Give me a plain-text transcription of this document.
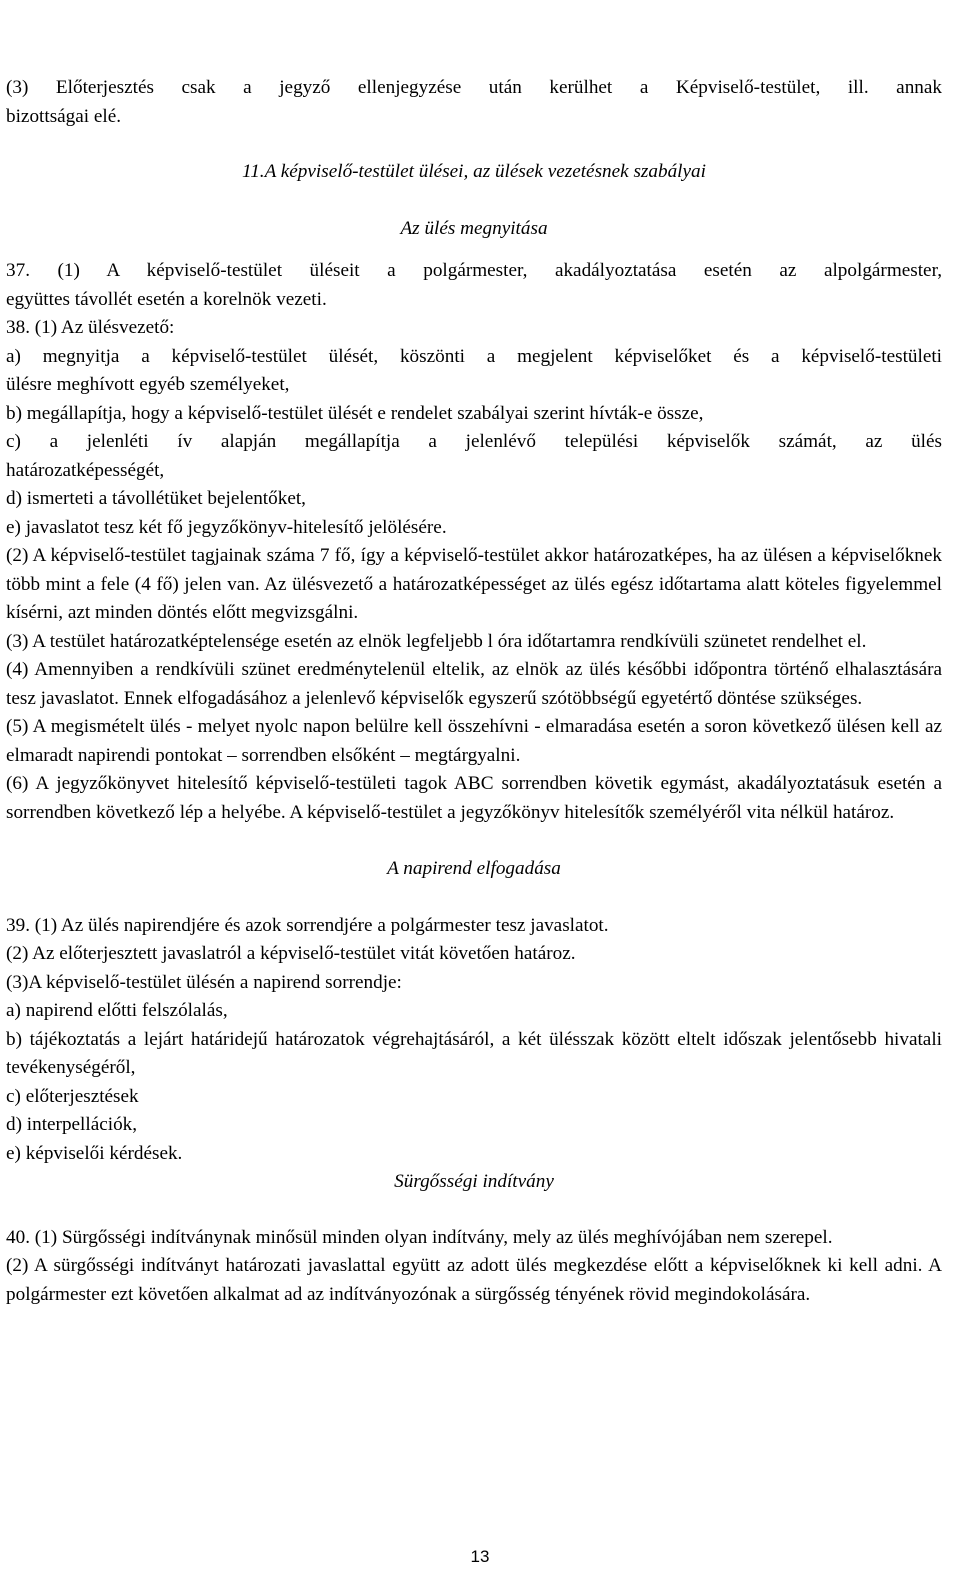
(3) Előterjesztés csak a jegyző ellenjegyzése után kerülhet a Képviselő-testület, ill. annak

bizottságai elé.

11.A képviselő-testület ülései, az ülések vezetésnek szabályai

Az ülés megnyitása

37. (1) A képviselő-testület üléseit a polgármester, akadályoztatása esetén az alpolgármester,

együttes távollét esetén a korelnök vezeti.

38. (1) Az ülésvezető:

a) megnyitja a képviselő-testület ülését, köszönti a megjelent képviselőket és a képviselő-testületi

ülésre meghívott egyéb személyeket,

b) megállapítja, hogy a képviselő-testület ülését e rendelet szabályai szerint hívták-e össze,

c) a jelenléti ív alapján megállapítja a jelenlévő települési képviselők számát, az ülés

határozatképességét,

d) ismerteti a távollétüket bejelentőket,

e) javaslatot tesz két fő jegyzőkönyv-hitelesítő jelölésére.

(2) A képviselő-testület tagjainak száma 7 fő, így a képviselő-testület akkor határozatképes, ha az ülésen a képviselőknek több mint a fele (4 fő) jelen van. Az ülésvezető a határozatképességet az ülés egész időtartama alatt köteles figyelemmel kísérni, azt minden döntés előtt megvizsgálni.

(3) A testület határozatképtelensége esetén az elnök legfeljebb l óra időtartamra rendkívüli szünetet rendelhet el.

(4) Amennyiben a rendkívüli szünet eredménytelenül eltelik, az elnök az ülés későbbi időpontra történő elhalasztására tesz javaslatot. Ennek elfogadásához a jelenlevő képviselők egyszerű szótöbbségű egyetértő döntése szükséges.

(5) A megismételt ülés - melyet nyolc napon belülre kell összehívni - elmaradása esetén a soron következő ülésen kell az elmaradt napirendi pontokat – sorrendben elsőként – megtárgyalni.

(6) A jegyzőkönyvet hitelesítő képviselő-testületi tagok ABC sorrendben követik egymást, akadályoztatásuk esetén a sorrendben következő lép a helyébe. A képviselő-testület a jegyzőkönyv hitelesítők személyéről vita nélkül határoz.

A napirend elfogadása

39. (1) Az ülés napirendjére és azok sorrendjére a polgármester tesz javaslatot.

(2) Az előterjesztett javaslatról a képviselő-testület vitát követően határoz.

(3)A képviselő-testület ülésén a napirend sorrendje:

a) napirend előtti felszólalás,

b) tájékoztatás a lejárt határidejű határozatok végrehajtásáról, a két ülésszak között eltelt időszak jelentősebb hivatali tevékenységéről,

c) előterjesztések

d) interpellációk,

e) képviselői kérdések.

Sürgősségi indítvány

40. (1) Sürgősségi indítványnak minősül minden olyan indítvány, mely az ülés meghívójában nem szerepel.

(2) A sürgősségi indítványt határozati javaslattal együtt az adott ülés megkezdése előtt a képviselőknek ki kell adni. A polgármester ezt követően alkalmat ad az indítványozónak a sürgősség tényének rövid megindokolására.

13
